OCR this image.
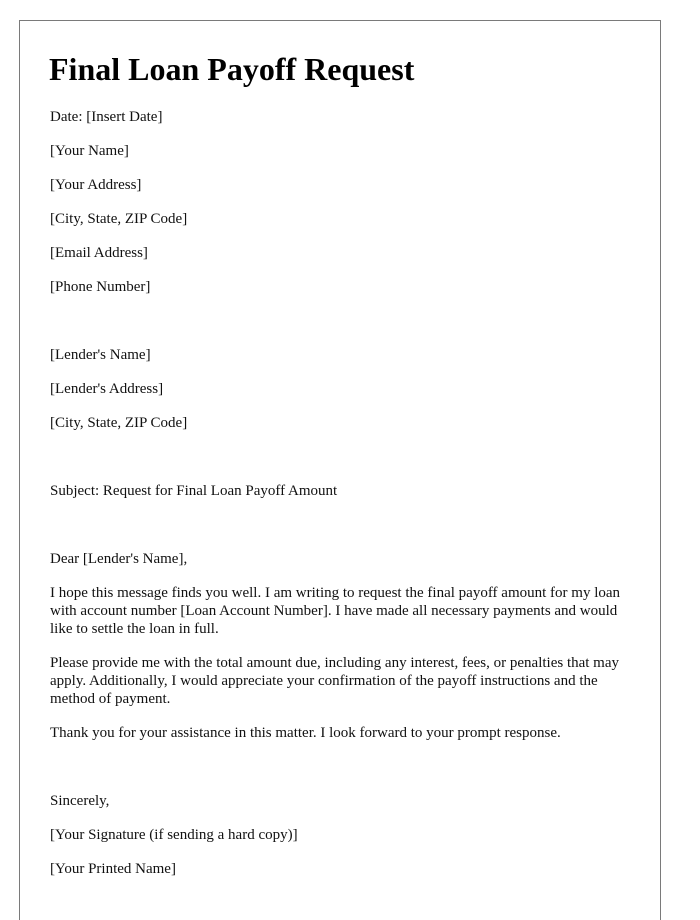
Final Loan Payoff Request

Date: [Insert Date]

[Your Name]

[Your Address]

[City, State, ZIP Code]

[Email Address]

[Phone Number]

[Lender's Name]

[Lender's Address]

[City, State, ZIP Code]

Subject: Request for Final Loan Payoff Amount

Dear [Lender's Name],

I hope this message finds you well. I am writing to request the final payoff amount for my loan with account number [Loan Account Number]. I have made all necessary payments and would like to settle the loan in full.

Please provide me with the total amount due, including any interest, fees, or penalties that may apply. Additionally, I would appreciate your confirmation of the payoff instructions and the method of payment.

Thank you for your assistance in this matter. I look forward to your prompt response.

Sincerely,

[Your Signature (if sending a hard copy)]

[Your Printed Name]
